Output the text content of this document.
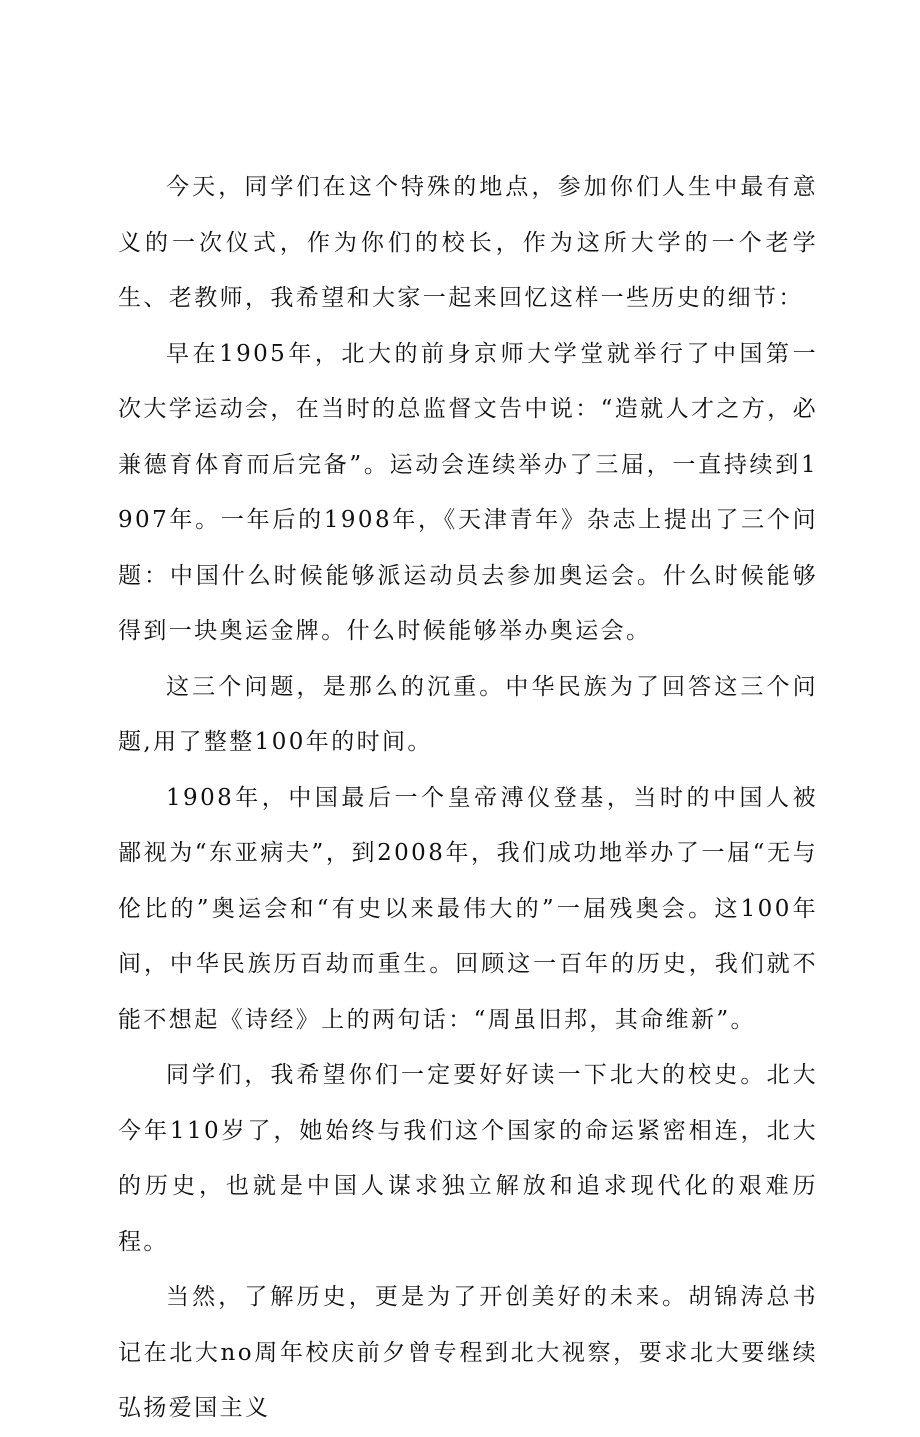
今天，同学们在这个特殊的地点，参加你们人生中最有意义的一次仪式，作为你们的校长，作为这所大学的一个老学生、老教师，我希望和大家一起来回忆这样一些历史的细节：

早在1905年，北大的前身京师大学堂就举行了中国第一次大学运动会，在当时的总监督文告中说：“造就人才之方，必兼德育体育而后完备”。运动会连续举办了三届，一直持续到1907年。一年后的1908年，《天津青年》杂志上提出了三个问题：中国什么时候能够派运动员去参加奥运会。什么时候能够得到一块奥运金牌。什么时候能够举办奥运会。

这三个问题，是那么的沉重。中华民族为了回答这三个问题,用了整整100年的时间。

1908年，中国最后一个皇帝溥仪登基，当时的中国人被鄙视为“东亚病夫”，到2008年，我们成功地举办了一届“无与伦比的”奥运会和“有史以来最伟大的”一届残奥会。这100年间，中华民族历百劫而重生。回顾这一百年的历史，我们就不能不想起《诗经》上的两句话：“周虽旧邦，其命维新”。

同学们，我希望你们一定要好好读一下北大的校史。北大今年110岁了，她始终与我们这个国家的命运紧密相连，北大的历史，也就是中国人谋求独立解放和追求现代化的艰难历程。

当然，了解历史，更是为了开创美好的未来。胡锦涛总书记在北大no周年校庆前夕曾专程到北大视察，要求北大要继续弘扬爱国主义
